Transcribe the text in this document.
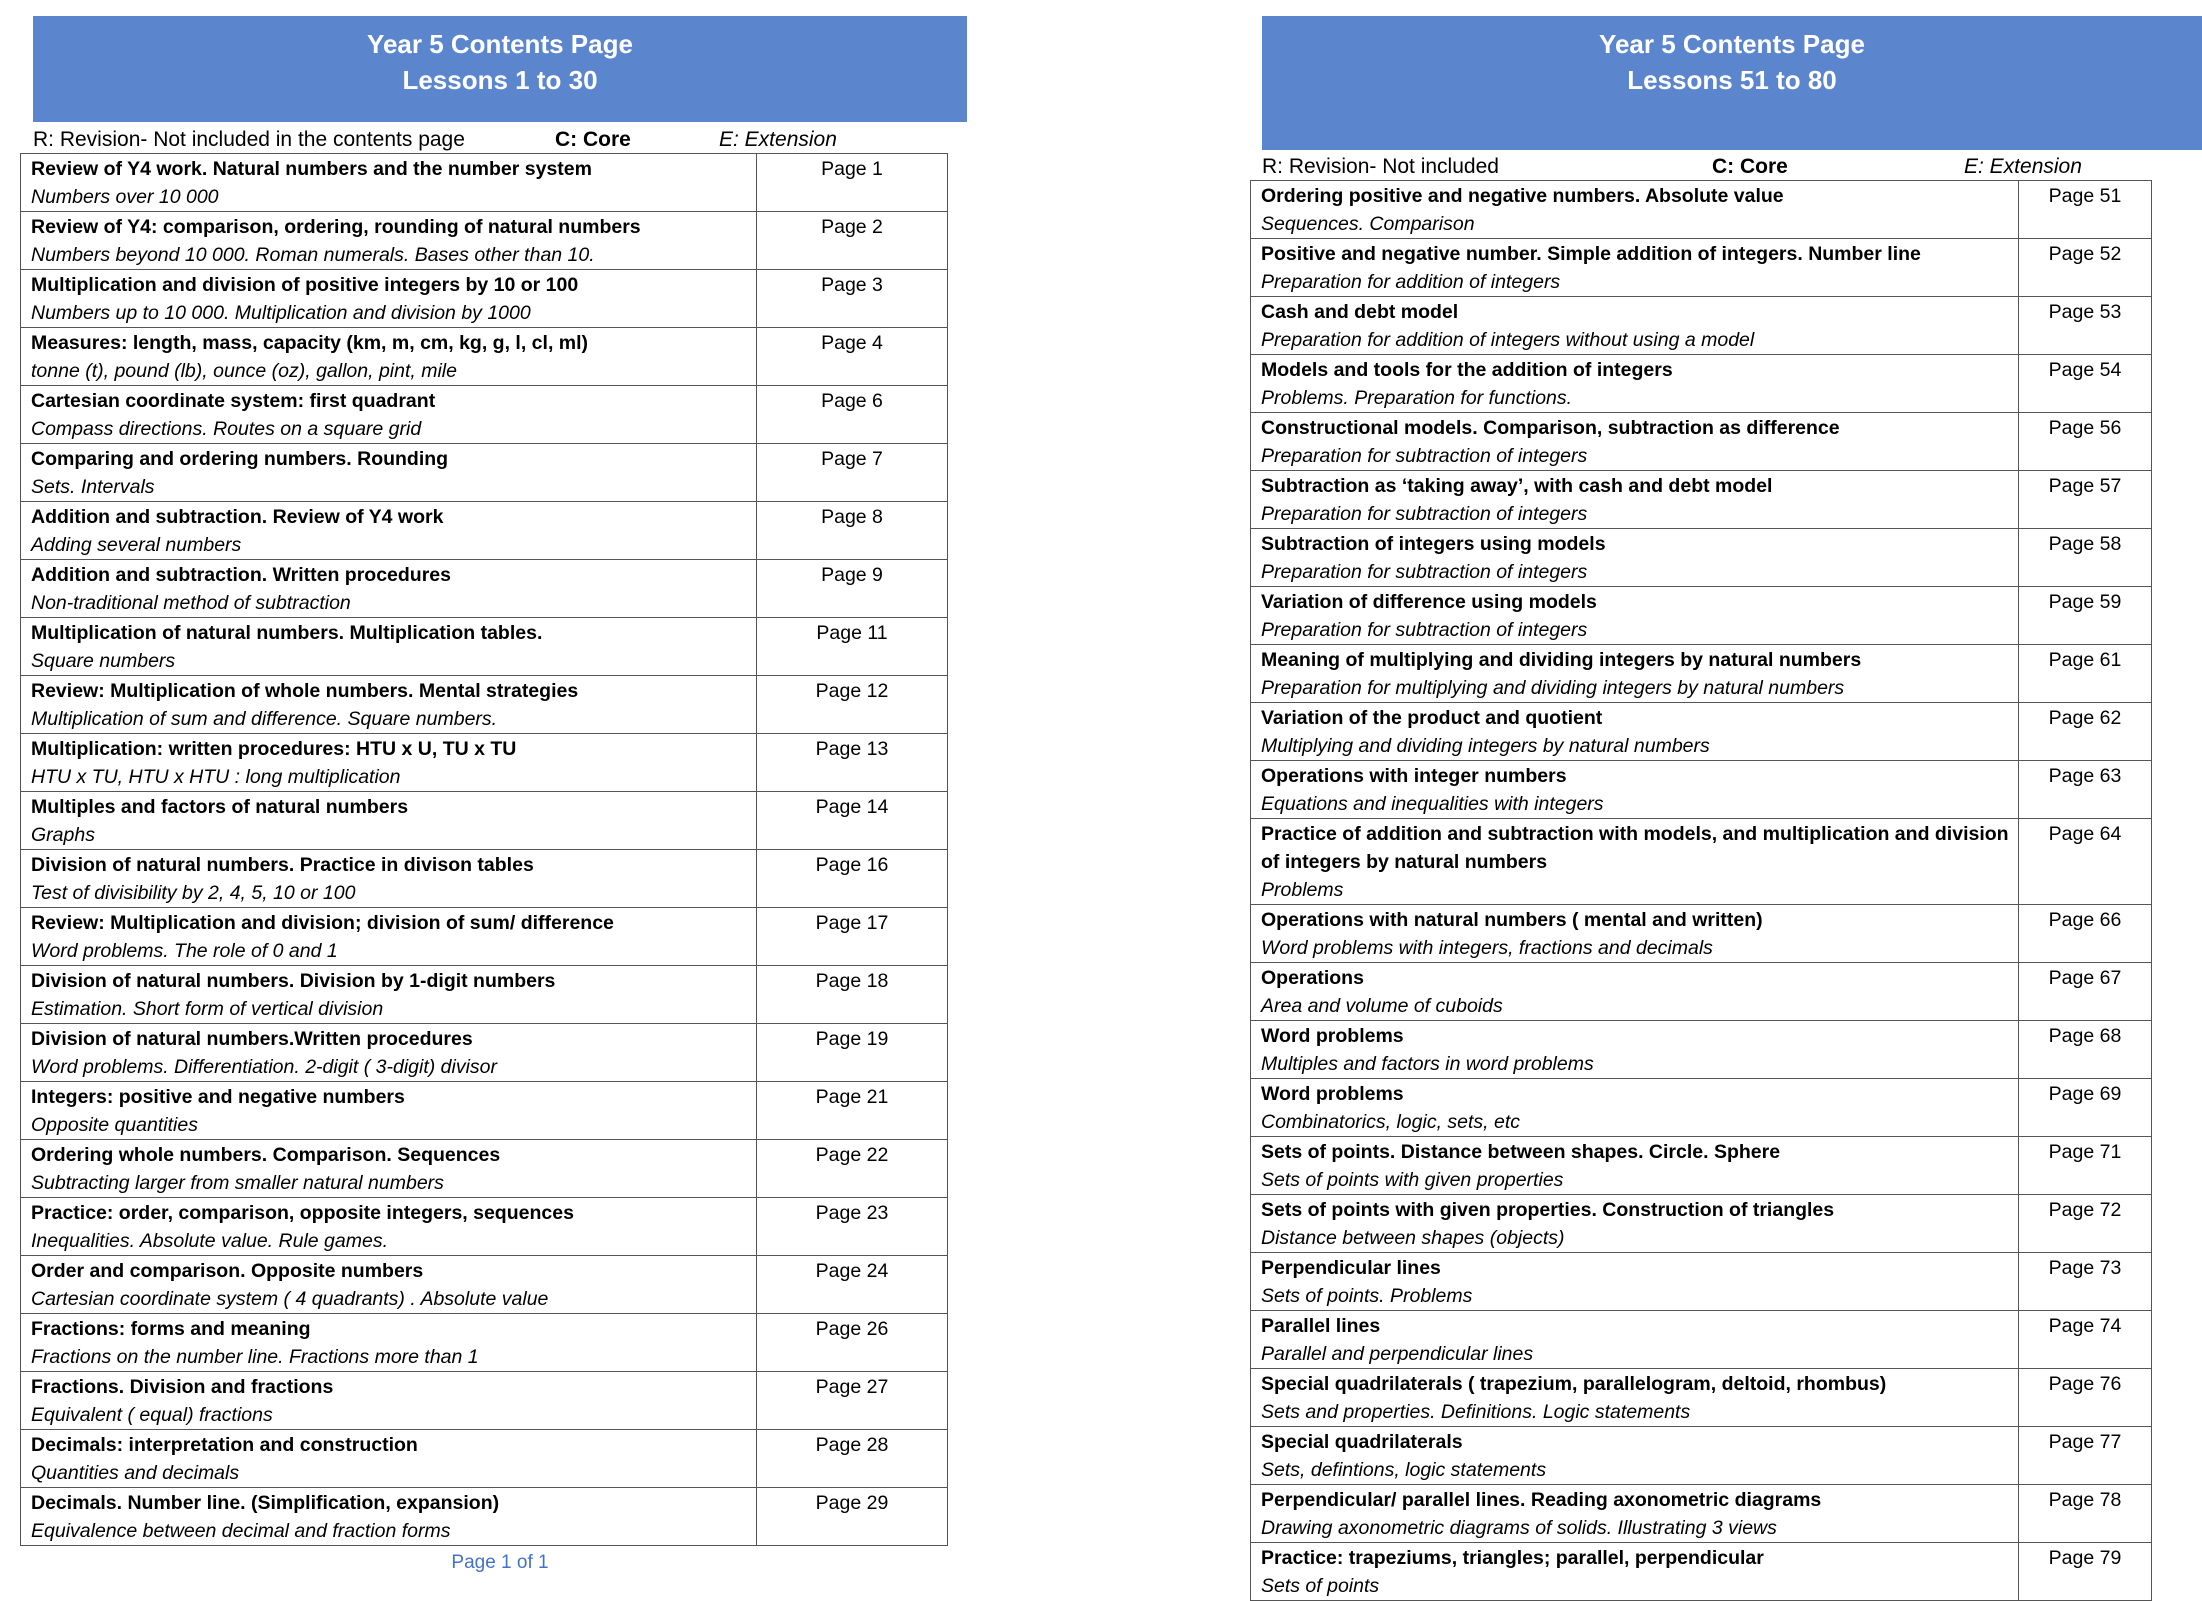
Year 5 Contents Page
Lessons 1 to 30
R: Revision- Not included in the contents page	C: Core	E: Extension
Review of Y4 work. Natural numbers and the number system
Numbers over 10 000	Page 1

Review of Y4: comparison, ordering, rounding of natural numbers
Numbers beyond 10 000. Roman numerals. Bases other than 10.	Page 2

Multiplication and division of positive integers by 10 or 100
Numbers up to 10 000. Multiplication and division by 1000	Page 3

Measures: length, mass, capacity (km, m, cm, kg, g, l, cl, ml)
tonne (t), pound (lb), ounce (oz), gallon, pint, mile	Page 4

Cartesian coordinate system: first quadrant
Compass directions. Routes on a square grid	Page 6

Comparing and ordering numbers. Rounding
Sets. Intervals	Page 7

Addition and subtraction. Review of Y4 work
Adding several numbers	Page 8

Addition and subtraction. Written procedures
Non-traditional method of subtraction	Page 9

Multiplication of natural numbers. Multiplication tables.
Square numbers	Page 11

Review: Multiplication of whole numbers. Mental strategies
Multiplication of sum and difference. Square numbers.	Page 12

Multiplication: written procedures: HTU x U, TU x TU
HTU x TU, HTU x HTU : long multiplication	Page 13

Multiples and factors of natural numbers
Graphs	Page 14

Division of natural numbers. Practice in divison tables
Test of divisibility by 2, 4, 5, 10 or 100	Page 16

Review: Multiplication and division; division of sum/ difference
Word problems. The role of 0 and 1	Page 17

Division of natural numbers. Division by 1-digit numbers
Estimation. Short form of vertical division	Page 18

Division of natural numbers.Written procedures
Word problems. Differentiation. 2-digit ( 3-digit) divisor	Page 19

Integers: positive and negative numbers
Opposite quantities	Page 21

Ordering whole numbers. Comparison. Sequences
Subtracting larger from smaller natural numbers	Page 22

Practice: order, comparison, opposite integers, sequences
Inequalities. Absolute value. Rule games.	Page 23

Order and comparison. Opposite numbers
Cartesian coordinate system ( 4 quadrants) . Absolute value	Page 24

Fractions: forms and meaning
Fractions on the number line. Fractions more than 1	Page 26

Fractions. Division and fractions
Equivalent ( equal) fractions	Page 27

Decimals: interpretation and construction
Quantities and decimals	Page 28

Decimals. Number line. (Simplification, expansion)
Equivalence between decimal and fraction forms	Page 29
Page 1 of 1
Year 5 Contents Page
Lessons 51 to 80
R: Revision- Not included	C: Core	E: Extension
Ordering positive and negative numbers. Absolute value
Sequences. Comparison	Page 51

Positive and negative number. Simple addition of integers. Number line
Preparation for addition of integers	Page 52

Cash and debt model
Preparation for addition of integers without using a model	Page 53

Models and tools for the addition of integers
Problems. Preparation for functions.	Page 54

Constructional models. Comparison, subtraction as difference
Preparation for subtraction of integers	Page 56

Subtraction as ‘taking away’, with cash and debt model
Preparation for subtraction of integers	Page 57

Subtraction of integers using models
Preparation for subtraction of integers	Page 58

Variation of difference using models
Preparation for subtraction of integers	Page 59

Meaning of multiplying and dividing integers by natural numbers
Preparation for multiplying and dividing integers by natural numbers	Page 61

Variation of the product and quotient
Multiplying and dividing integers by natural numbers	Page 62

Operations with integer numbers
Equations and inequalities with integers	Page 63

Practice of addition and subtraction with models, and multiplication and division of integers by natural numbers
Problems	Page 64

Operations with natural numbers ( mental and written)
Word problems with integers, fractions and decimals	Page 66

Operations
Area and volume of cuboids	Page 67

Word problems
Multiples and factors in word problems	Page 68

Word problems
Combinatorics, logic, sets, etc	Page 69

Sets of points. Distance between shapes. Circle. Sphere
Sets of points with given properties	Page 71

Sets of points with given properties. Construction of triangles
Distance between shapes (objects)	Page 72

Perpendicular lines
Sets of points. Problems	Page 73

Parallel lines
Parallel and perpendicular lines	Page 74

Special quadrilaterals ( trapezium, parallelogram, deltoid, rhombus)
Sets and properties. Definitions. Logic statements	Page 76

Special quadrilaterals
Sets, defintions, logic statements	Page 77

Perpendicular/ parallel lines. Reading axonometric diagrams
Drawing axonometric diagrams of solids. Illustrating 3 views	Page 78

Practice: trapeziums, triangles; parallel, perpendicular
Sets of points	Page 79
